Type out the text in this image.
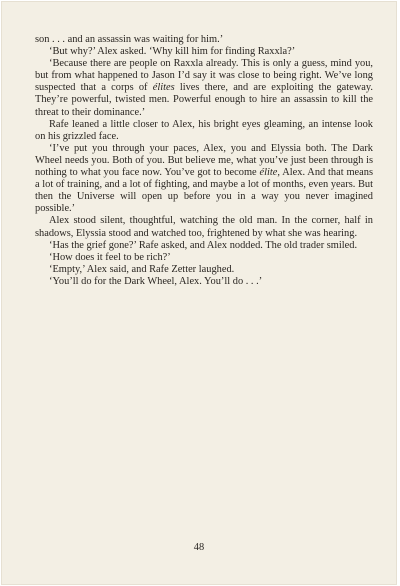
son . . . and an assassin was waiting for him.’

‘But why?’ Alex asked. ‘Why kill him for finding Raxxla?’

‘Because there are people on Raxxla already. This is only a guess, mind you, but from what happened to Jason I’d say it was close to being right. We’ve long suspected that a corps of élites lives there, and are exploiting the gateway. They’re powerful, twisted men. Powerful enough to hire an assassin to kill the threat to their dominance.’

Rafe leaned a little closer to Alex, his bright eyes gleaming, an intense look on his grizzled face.

‘I’ve put you through your paces, Alex, you and Elyssia both. The Dark Wheel needs you. Both of you. But believe me, what you’ve just been through is nothing to what you face now. You’ve got to become élite, Alex. And that means a lot of training, and a lot of fighting, and maybe a lot of months, even years. But then the Universe will open up before you in a way you never imagined possible.’

Alex stood silent, thoughtful, watching the old man. In the corner, half in shadows, Elyssia stood and watched too, frightened by what she was hearing.

‘Has the grief gone?’ Rafe asked, and Alex nodded. The old trader smiled.

‘How does it feel to be rich?’

‘Empty,’ Alex said, and Rafe Zetter laughed.

‘You’ll do for the Dark Wheel, Alex. You’ll do . . .’

48
